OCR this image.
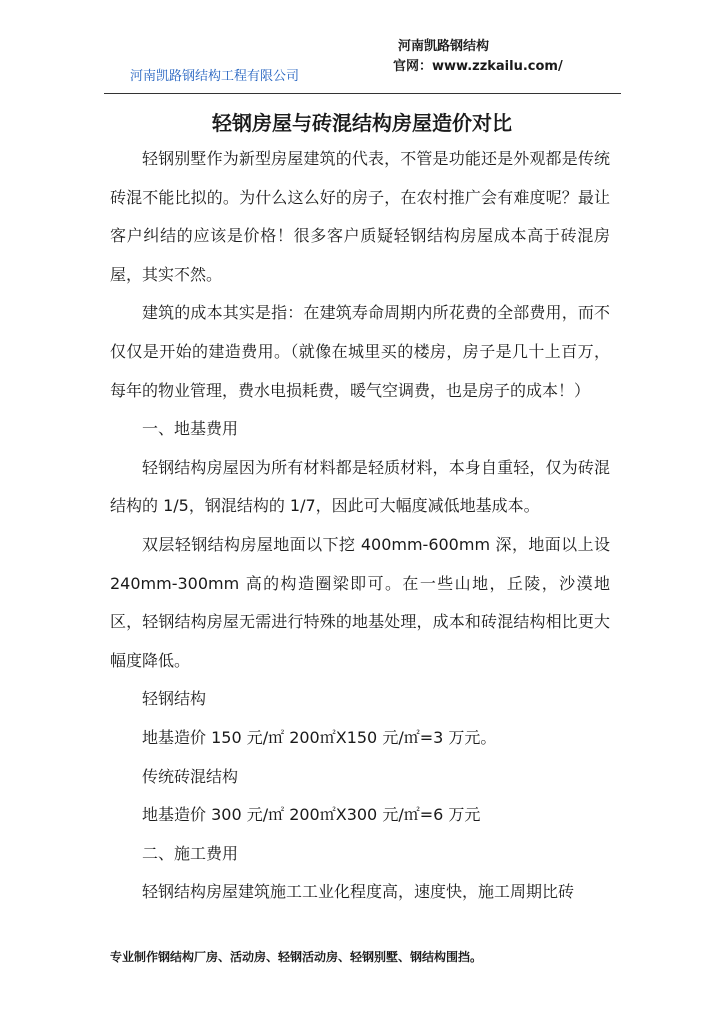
河南凯路钢结构工程有限公司
河南凯路钢结构
官网：www.zzkailu.com/
轻钢房屋与砖混结构房屋造价对比

轻钢别墅作为新型房屋建筑的代表，不管是功能还是外观都是传统砖混不能比拟的。为什么这么好的房子，在农村推广会有难度呢？最让客户纠结的应该是价格！很多客户质疑轻钢结构房屋成本高于砖混房屋，其实不然。

建筑的成本其实是指：在建筑寿命周期内所花费的全部费用，而不仅仅是开始的建造费用。（就像在城里买的楼房，房子是几十上百万，每年的物业管理，费水电损耗费，暖气空调费，也是房子的成本！）

一、地基费用

轻钢结构房屋因为所有材料都是轻质材料，本身自重轻，仅为砖混结构的 1/5，钢混结构的 1/7，因此可大幅度减低地基成本。

双层轻钢结构房屋地面以下挖 400mm-600mm 深，地面以上设 240mm-300mm 高的构造圈梁即可。在一些山地，丘陵，沙漠地区，轻钢结构房屋无需进行特殊的地基处理，成本和砖混结构相比更大幅度降低。

轻钢结构

地基造价 150 元/㎡ 200㎡X150 元/㎡=3 万元。

传统砖混结构

地基造价 300 元/㎡ 200㎡X300 元/㎡=6 万元

二、施工费用

轻钢结构房屋建筑施工工业化程度高，速度快，施工周期比砖

专业制作钢结构厂房、活动房、轻钢活动房、轻钢别墅、钢结构围挡。
